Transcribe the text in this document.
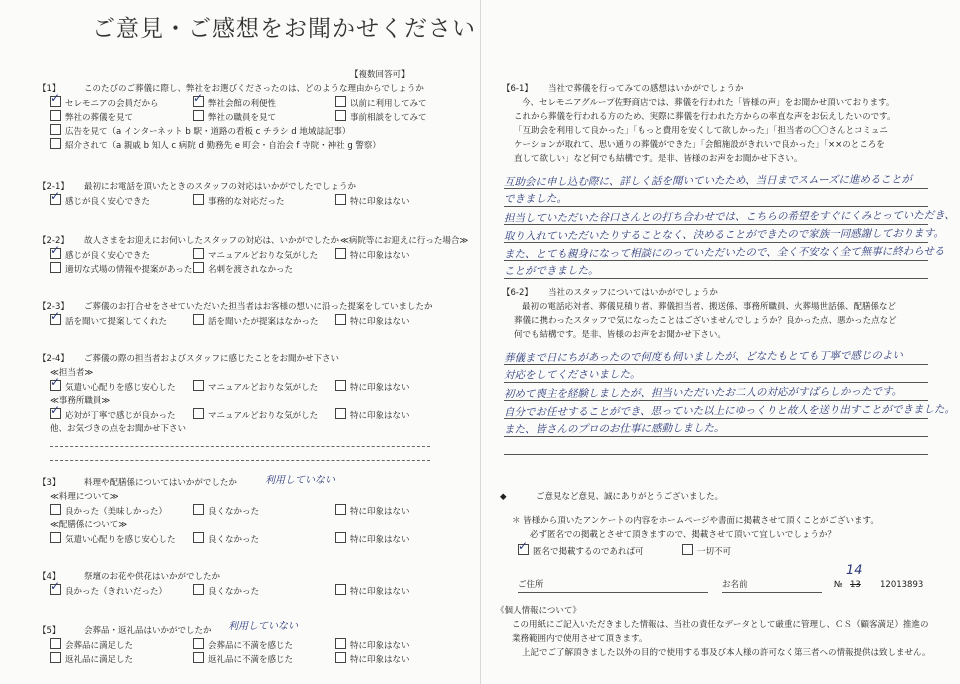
ご意見・ご感想をお聞かせください
【複数回答可】
【1】	このたびのご葬儀に際し、弊社をお選びくださったのは、どのような理由からでしょうか
✓セレモニアの会員だから
✓	弊社会館の利便性	以前に利用してみて
弊社の葬儀を見て	弊社の職員を見て	事前相談をしてみて
広告を見て（a インターネット b 駅・道路の看板 c チラシ d 地域誌記事）
紹介されて（a 親戚 b 知人 c 病院 d 勤務先 e 町会・自治会 f 寺院・神社 g 警察）
【2-1】 最初にお電話を頂いたときのスタッフの対応はいかがでしたでしょうか
✓感じが良く安心できた	事務的な対応だった	特に印象はない
【2-2】 故人さまをお迎えにお伺いしたスタッフの対応は、いかがでしたか ≪病院等にお迎えに行った場合≫
✓感じが良く安心できた	マニュアルどおりな気がした	特に印象はない
適切な式場の情報や提案があった	名刺を渡されなかった
【2-3】 ご葬儀のお打合せをさせていただいた担当者はお客様の想いに沿った提案をしていましたか
✓話を聞いて提案してくれた	話を聞いたが提案はなかった	特に印象はない
【2-4】 ご葬儀の際の担当者およびスタッフに感じたことをお聞かせ下さい
≪担当者≫
✓気遣い心配りを感じ安心した	マニュアルどおりな気がした	特に印象はない
≪事務所職員≫
✓応対が丁寧で感じが良かった	マニュアルどおりな気がした	特に印象はない
他、お気づきの点をお聞かせ下さい
【3】	料理や配膳係についてはいかがでしたか	利用していない
≪料理について≫
良かった（美味しかった）	良くなかった	特に印象はない
≪配膳係について≫
気遣い心配りを感じ安心した	良くなかった	特に印象はない
【4】	祭壇のお花や供花はいかがでしたか
✓良かった（きれいだった）	良くなかった	特に印象はない
【5】	会葬品・返礼品はいかがでしたか 利用していない
会葬品に満足した	会葬品に不満を感じた	特に印象はない
返礼品に満足した	返礼品に不満を感じた	特に印象はない
【6-1】 当社で葬儀を行ってみての感想はいかがでしょうか
今、セレモニアグループ佐野商店では、葬儀を行われた「皆様の声」をお聞かせ頂いております。
これから葬儀を行われる方のため、実際に葬儀を行われた方からの率直な声をお伝えしたいのです。
「互助会を利用して良かった」「もっと費用を安くして欲しかった」「担当者の〇〇さんとコミュニ
ケーションが取れて、思い通りの葬儀ができた」「会館施設がきれいで良かった」「××のところを
直して欲しい」など何でも結構です。是非、皆様のお声をお聞かせ下さい。
互助会に申し込む際に、詳しく話を聞いていたため、当日までスムーズに進めることが
できました。
担当していただいた谷口さんとの打ち合わせでは、こちらの希望をすぐにくみとっていただき、
取り入れていただいたりすることなく、決めることができたので家族一同感謝しております。
また、とても親身になって相談にのっていただいたので、全く不安なく全て無事に終わらせる
ことができました。
【6-2】 当社のスタッフについてはいかがでしょうか
最初の電話応対者、葬儀見積り者、葬儀担当者、搬送係、事務所職員、火葬場世話係、配膳係など
葬儀に携わったスタッフで気になったことはございませんでしょうか？良かった点、悪かった点など
何でも結構です。是非、皆様のお声をお聞かせ下さい。
葬儀まで日にちがあったので何度も伺いましたが、どなたもとても丁寧で感じのよい
対応をしてくださいました。
初めて喪主を経験しましたが、担当いただいたお二人の対応がすばらしかったです。
自分でお任せすることができ、思っていた以上にゆっくりと故人を送り出すことができました。
また、皆さんのプロのお仕事に感動しました。
◆	ご意見など意見、誠にありがとうございました。
＊ 皆様から頂いたアンケートの内容をホームページや書面に掲載させて頂くことがございます。
必ず匿名での掲載とさせて頂きますので、掲載させて頂いて宜しいでしょうか？
✓匿名で掲載するのであれば可	一切不可
ご住所	お名前	№
14
13 12013893
《個人情報について》
この用紙にご記入いただきました情報は、当社の責任なデータとして厳重に管理し、ＣＳ（顧客満足）推進の
業務範囲内で使用させて頂きます。
上記でご了解頂きました以外の目的で使用する事及び本人様の許可なく第三者への情報提供は致しません。
